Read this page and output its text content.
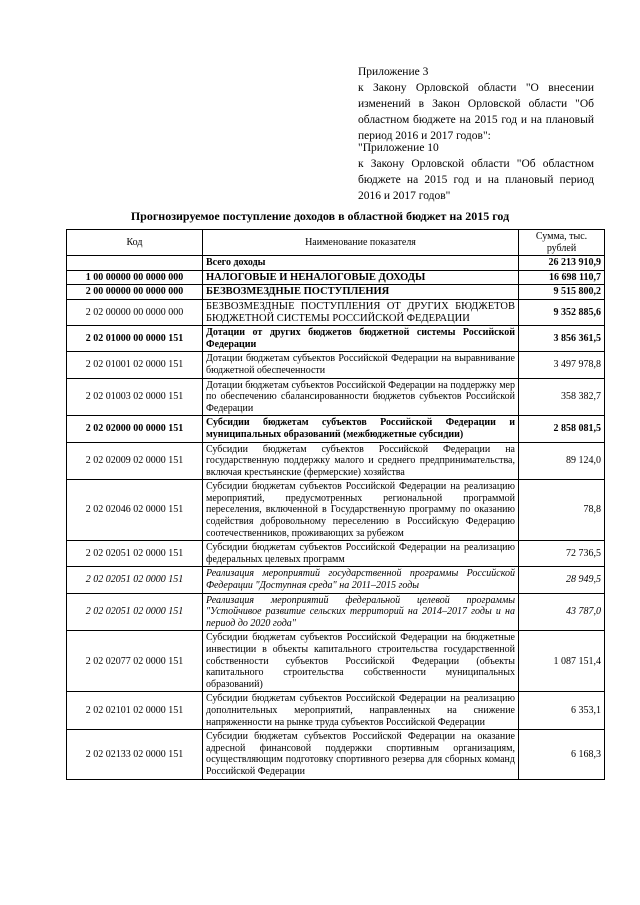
Приложение 3
к Закону Орловской области "О внесении изменений в Закон Орловской области "Об областном бюджете на 2015 год и на плановый период 2016 и 2017 годов":
"Приложение 10
к Закону Орловской области "Об областном бюджете на 2015 год и на плановый период 2016 и 2017 годов"
Прогнозируемое поступление доходов в областной бюджет на 2015 год
Код	Наименование показателя	Сумма, тыс. рублей
	Всего доходы	26 213 910,9
1 00 00000 00 0000 000	НАЛОГОВЫЕ И НЕНАЛОГОВЫЕ ДОХОДЫ	16 698 110,7
2 00 00000 00 0000 000	БЕЗВОЗМЕЗДНЫЕ ПОСТУПЛЕНИЯ	9 515 800,2
2 02 00000 00 0000 000	БЕЗВОЗМЕЗДНЫЕ ПОСТУПЛЕНИЯ ОТ ДРУГИХ БЮДЖЕТОВ БЮДЖЕТНОЙ СИСТЕМЫ РОССИЙСКОЙ ФЕДЕРАЦИИ	9 352 885,6
2 02 01000 00 0000 151	Дотации от других бюджетов бюджетной системы Российской Федерации	3 856 361,5
2 02 01001 02 0000 151	Дотации бюджетам субъектов Российской Федерации на выравнивание бюджетной обеспеченности	3 497 978,8
2 02 01003 02 0000 151	Дотации бюджетам субъектов Российской Федерации на поддержку мер по обеспечению сбалансированности бюджетов субъектов Российской Федерации	358 382,7
2 02 02000 00 0000 151	Субсидии бюджетам субъектов Российской Федерации и муниципальных образований (межбюджетные субсидии)	2 858 081,5
2 02 02009 02 0000 151	Субсидии бюджетам субъектов Российской Федерации на государственную поддержку малого и среднего предпринимательства, включая крестьянские (фермерские) хозяйства	89 124,0
2 02 02046 02 0000 151	Субсидии бюджетам субъектов Российской Федерации на реализацию мероприятий, предусмотренных региональной программой переселения, включенной в Государственную программу по оказанию содействия добровольному переселению в Российскую Федерацию соотечественников, проживающих за рубежом	78,8
2 02 02051 02 0000 151	Субсидии бюджетам субъектов Российской Федерации на реализацию федеральных целевых программ	72 736,5
2 02 02051 02 0000 151	Реализация мероприятий государственной программы Российской Федерации "Доступная среда" на 2011–2015 годы	28 949,5
2 02 02051 02 0000 151	Реализация мероприятий федеральной целевой программы "Устойчивое развитие сельских территорий на 2014–2017 годы и на период до 2020 года"	43 787,0
2 02 02077 02 0000 151	Субсидии бюджетам субъектов Российской Федерации на бюджетные инвестиции в объекты капитального строительства государственной собственности субъектов Российской Федерации (объекты капитального строительства собственности муниципальных образований)	1 087 151,4
2 02 02101 02 0000 151	Субсидии бюджетам субъектов Российской Федерации на реализацию дополнительных мероприятий, направленных на снижение напряженности на рынке труда субъектов Российской Федерации	6 353,1
2 02 02133 02 0000 151	Субсидии бюджетам субъектов Российской Федерации на оказание адресной финансовой поддержки спортивным организациям, осуществляющим подготовку спортивного резерва для сборных команд Российской Федерации	6 168,3
